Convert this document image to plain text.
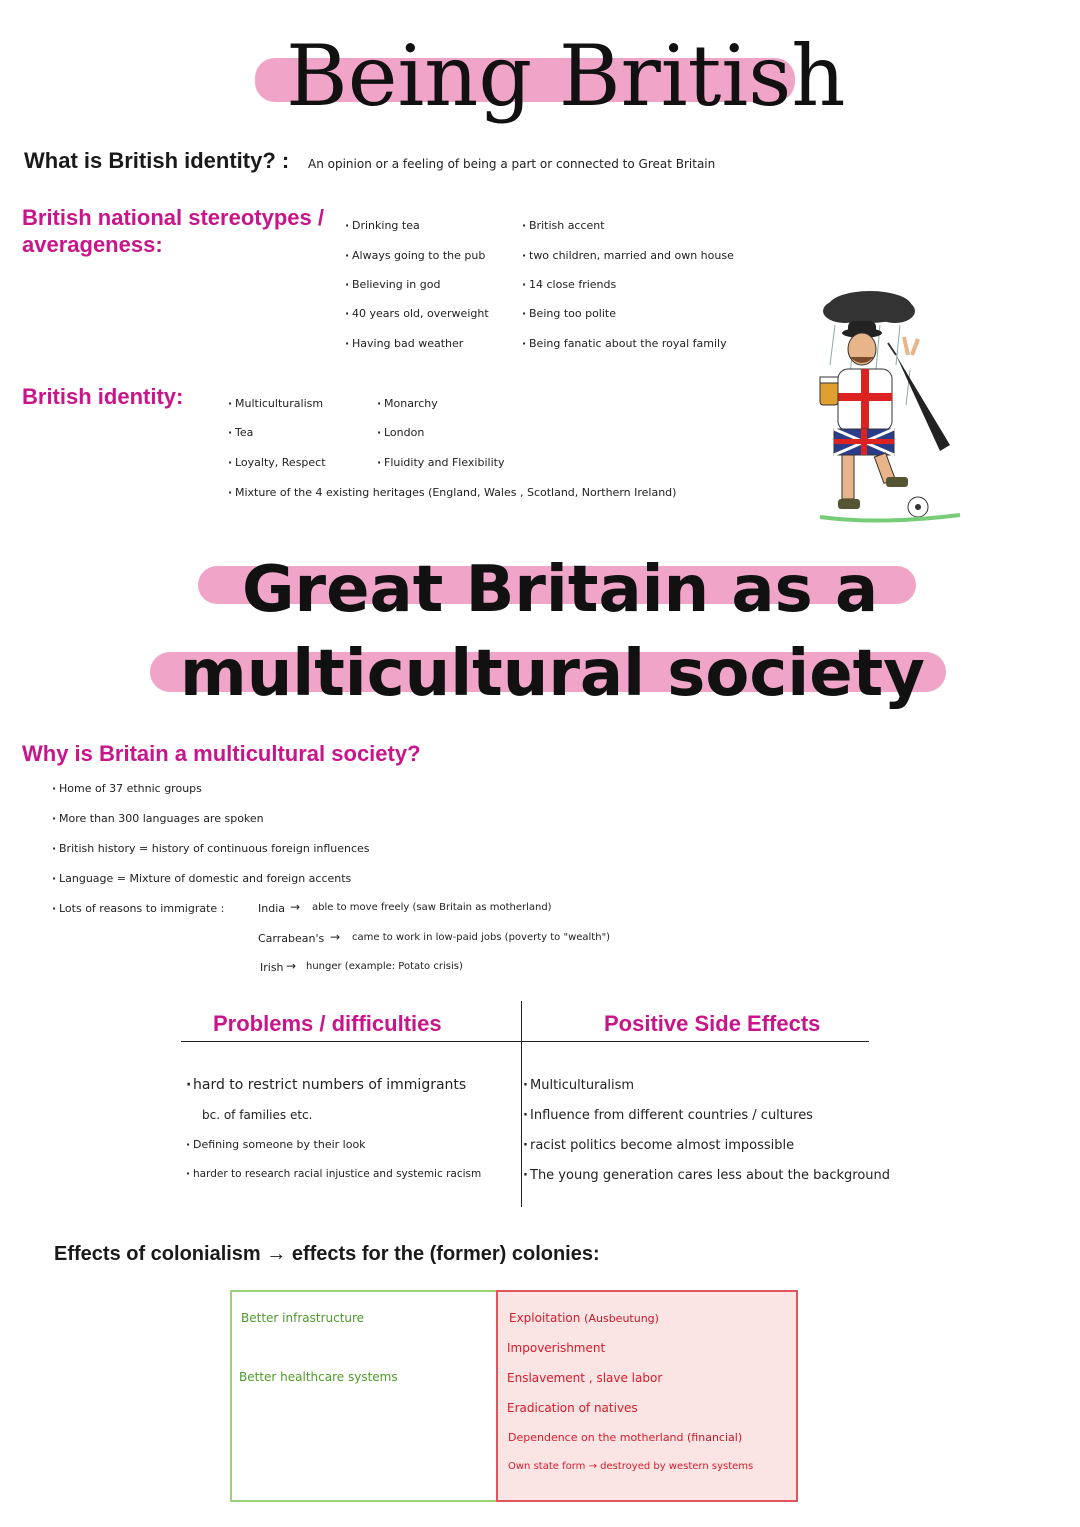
Being British
What is British identity? : An opinion or a feeling of being a part or connected to Great Britain
British national stereotypes /
averageness:
· Drinking tea
· Always going to the pub
· Believing in god
· 40 years old, overweight
· Having bad weather
· British accent
· two children, married and own house
· 14 close friends
· Being too polite
· Being fanatic about the royal family
British identity:
·	Multiculturalism
· Tea
· Loyalty, Respect
· Monarchy
· London
· Fluidity and Flexibility
· Mixture of the 4 existing heritages (England, Wales , Scotland, Northern Ireland)
Great Britain as a
multicultural society
Why is Britain a multicultural society?
· Home of 37 ethnic groups
· More than 300 languages are spoken
· British history = history of continuous foreign influences
· Language = Mixture of domestic and foreign accents
· Lots of reasons to immigrate :	India → able to move freely (saw Britain as motherland)
Carrabean's → came to work in low-paid jobs (poverty to "wealth")
Irish → hunger (example: Potato crisis)
Problems / difficulties	Positive Side Effects
· hard to restrict numbers of immigrants
bc. of families etc.
· Defining someone by their look
· harder to research racial injustice and systemic racism
· Multiculturalism
· Influence from different countries / cultures
· racist politics become almost impossible
· The young generation cares less about the background
Effects of colonialism → effects for the (former) colonies:
Better infrastructure
Better healthcare systems
Exploitation (Ausbeutung)
Impoverishment
Enslavement , slave labor
Eradication of natives
Dependence on the motherland (financial)
Own state form → destroyed by western systems
